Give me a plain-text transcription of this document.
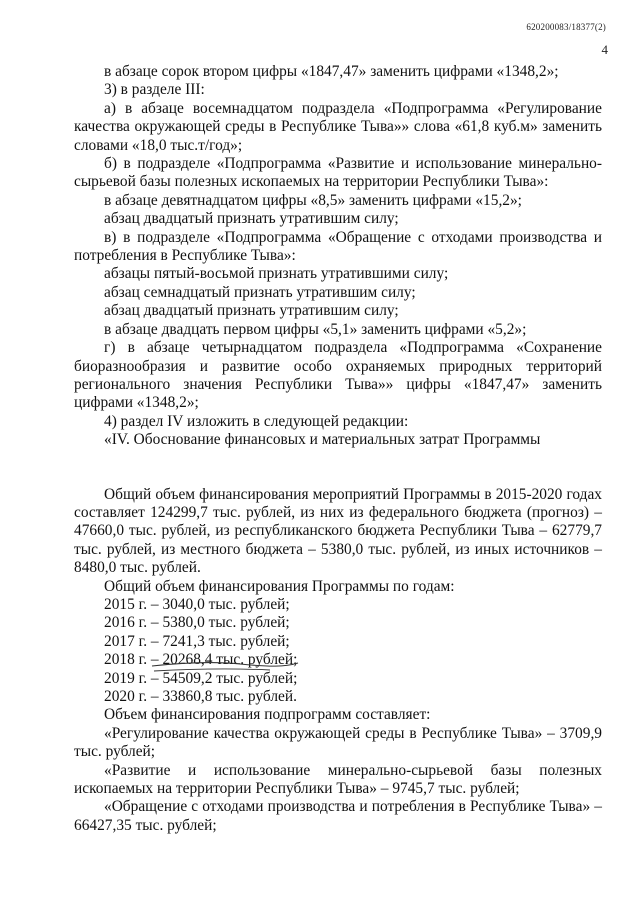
620200083/18377(2)
4

в абзаце сорок втором цифры «1847,47» заменить цифрами «1348,2»;

3) в разделе III:

а) в абзаце восемнадцатом подраздела «Подпрограмма «Регулирование качества окружающей среды в Республике Тыва»» слова «61,8 куб.м» заменить словами «18,0 тыс.т/год»;

б) в подразделе «Подпрограмма «Развитие и использование минерально-сырьевой базы полезных ископаемых на территории Республики Тыва»:

в абзаце девятнадцатом цифры «8,5» заменить цифрами «15,2»;

абзац двадцатый признать утратившим силу;

в) в подразделе «Подпрограмма «Обращение с отходами производства и потребления в Республике Тыва»:

абзацы пятый-восьмой признать утратившими силу;

абзац семнадцатый признать утратившим силу;

абзац двадцатый признать утратившим силу;

в абзаце двадцать первом цифры «5,1» заменить цифрами «5,2»;

г) в абзаце четырнадцатом подраздела «Подпрограмма «Сохранение биоразнообразия и развитие особо охраняемых природных территорий регионального значения Республики Тыва»» цифры «1847,47» заменить цифрами «1348,2»;

4) раздел IV изложить в следующей редакции:

«IV. Обоснование финансовых и материальных затрат Программы

Общий объем финансирования мероприятий Программы в 2015-2020 годах составляет 124299,7 тыс. рублей, из них из федерального бюджета (прогноз) – 47660,0 тыс. рублей, из республиканского бюджета Республики Тыва – 62779,7 тыс. рублей, из местного бюджета – 5380,0 тыс. рублей, из иных источников – 8480,0 тыс. рублей.

Общий объем финансирования Программы по годам:

2015 г. – 3040,0 тыс. рублей;

2016 г. – 5380,0 тыс. рублей;

2017 г. – 7241,3 тыс. рублей;

2018 г. – 20268,4 тыс. рублей;

2019 г. – 54509,2 тыс. рублей;

2020 г. – 33860,8 тыс. рублей.

Объем финансирования подпрограмм составляет:

«Регулирование качества окружающей среды в Республике Тыва» – 3709,9 тыс. рублей;

«Развитие и использование минерально-сырьевой базы полезных ископаемых на территории Республики Тыва» – 9745,7 тыс. рублей;

«Обращение с отходами производства и потребления в Республике Тыва» – 66427,35 тыс. рублей;
